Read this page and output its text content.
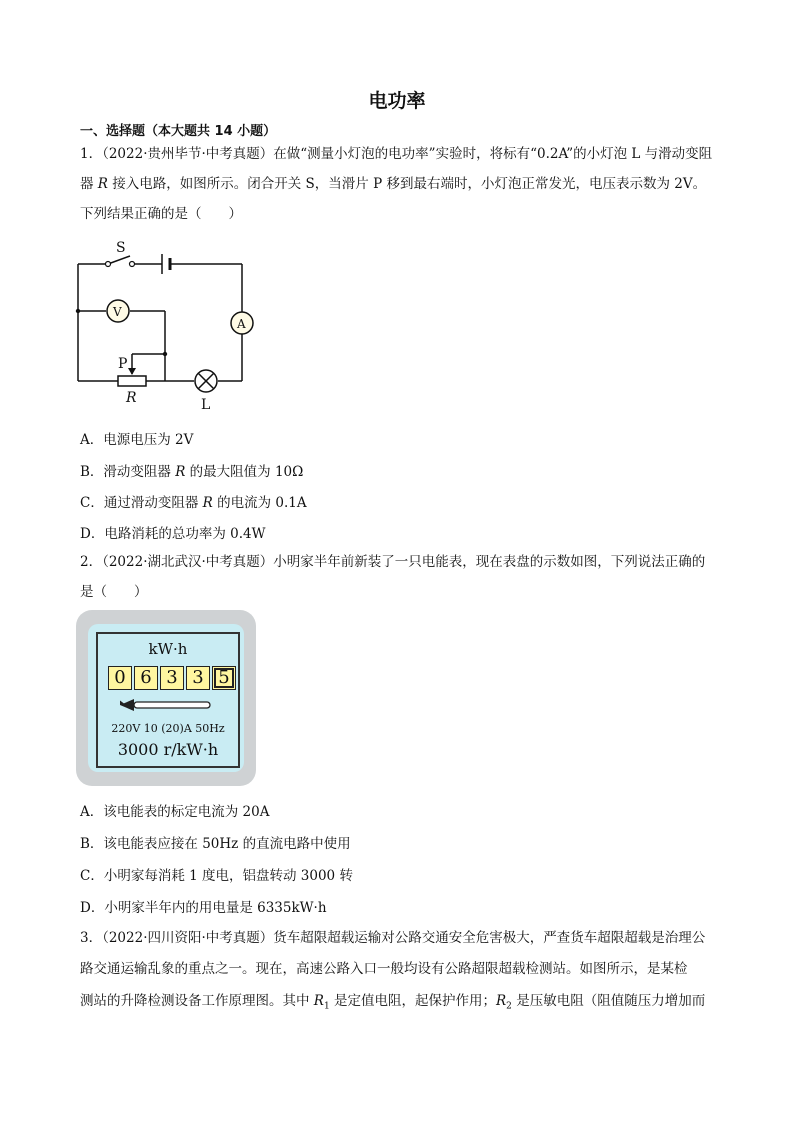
电功率
一、选择题（本大题共 14 小题）
1．（2022·贵州毕节·中考真题）在做“测量小灯泡的电功率”实验时，将标有“0.2A”的小灯泡 L 与滑动变阻
器 R 接入电路，如图所示。闭合开关 S，当滑片 P 移到最右端时，小灯泡正常发光，电压表示数为 2V。
下列结果正确的是（　　）
S
V
A
P
R	L
A．电源电压为 2V
B．滑动变阻器 R 的最大阻值为 10Ω
C．通过滑动变阻器 R 的电流为 0.1A
D．电路消耗的总功率为 0.4W
2．（2022·湖北武汉·中考真题）小明家半年前新装了一只电能表，现在表盘的示数如图，下列说法正确的
是（　　）
kW·h
0 6 3 3 5
220V 10 (20)A 50Hz
3000 r/kW·h
A．该电能表的标定电流为 20A
B．该电能表应接在 50Hz 的直流电路中使用
C．小明家每消耗 1 度电，铝盘转动 3000 转
D．小明家半年内的用电量是 6335kW·h
3．（2022·四川资阳·中考真题）货车超限超载运输对公路交通安全危害极大，严查货车超限超载是治理公
路交通运输乱象的重点之一。现在，高速公路入口一般均设有公路超限超载检测站。如图所示，是某检
测站的升降检测设备工作原理图。其中 $R_1$ 是定值电阻，起保护作用；$R_2$ 是压敏电阻（阻值随压力增加而
